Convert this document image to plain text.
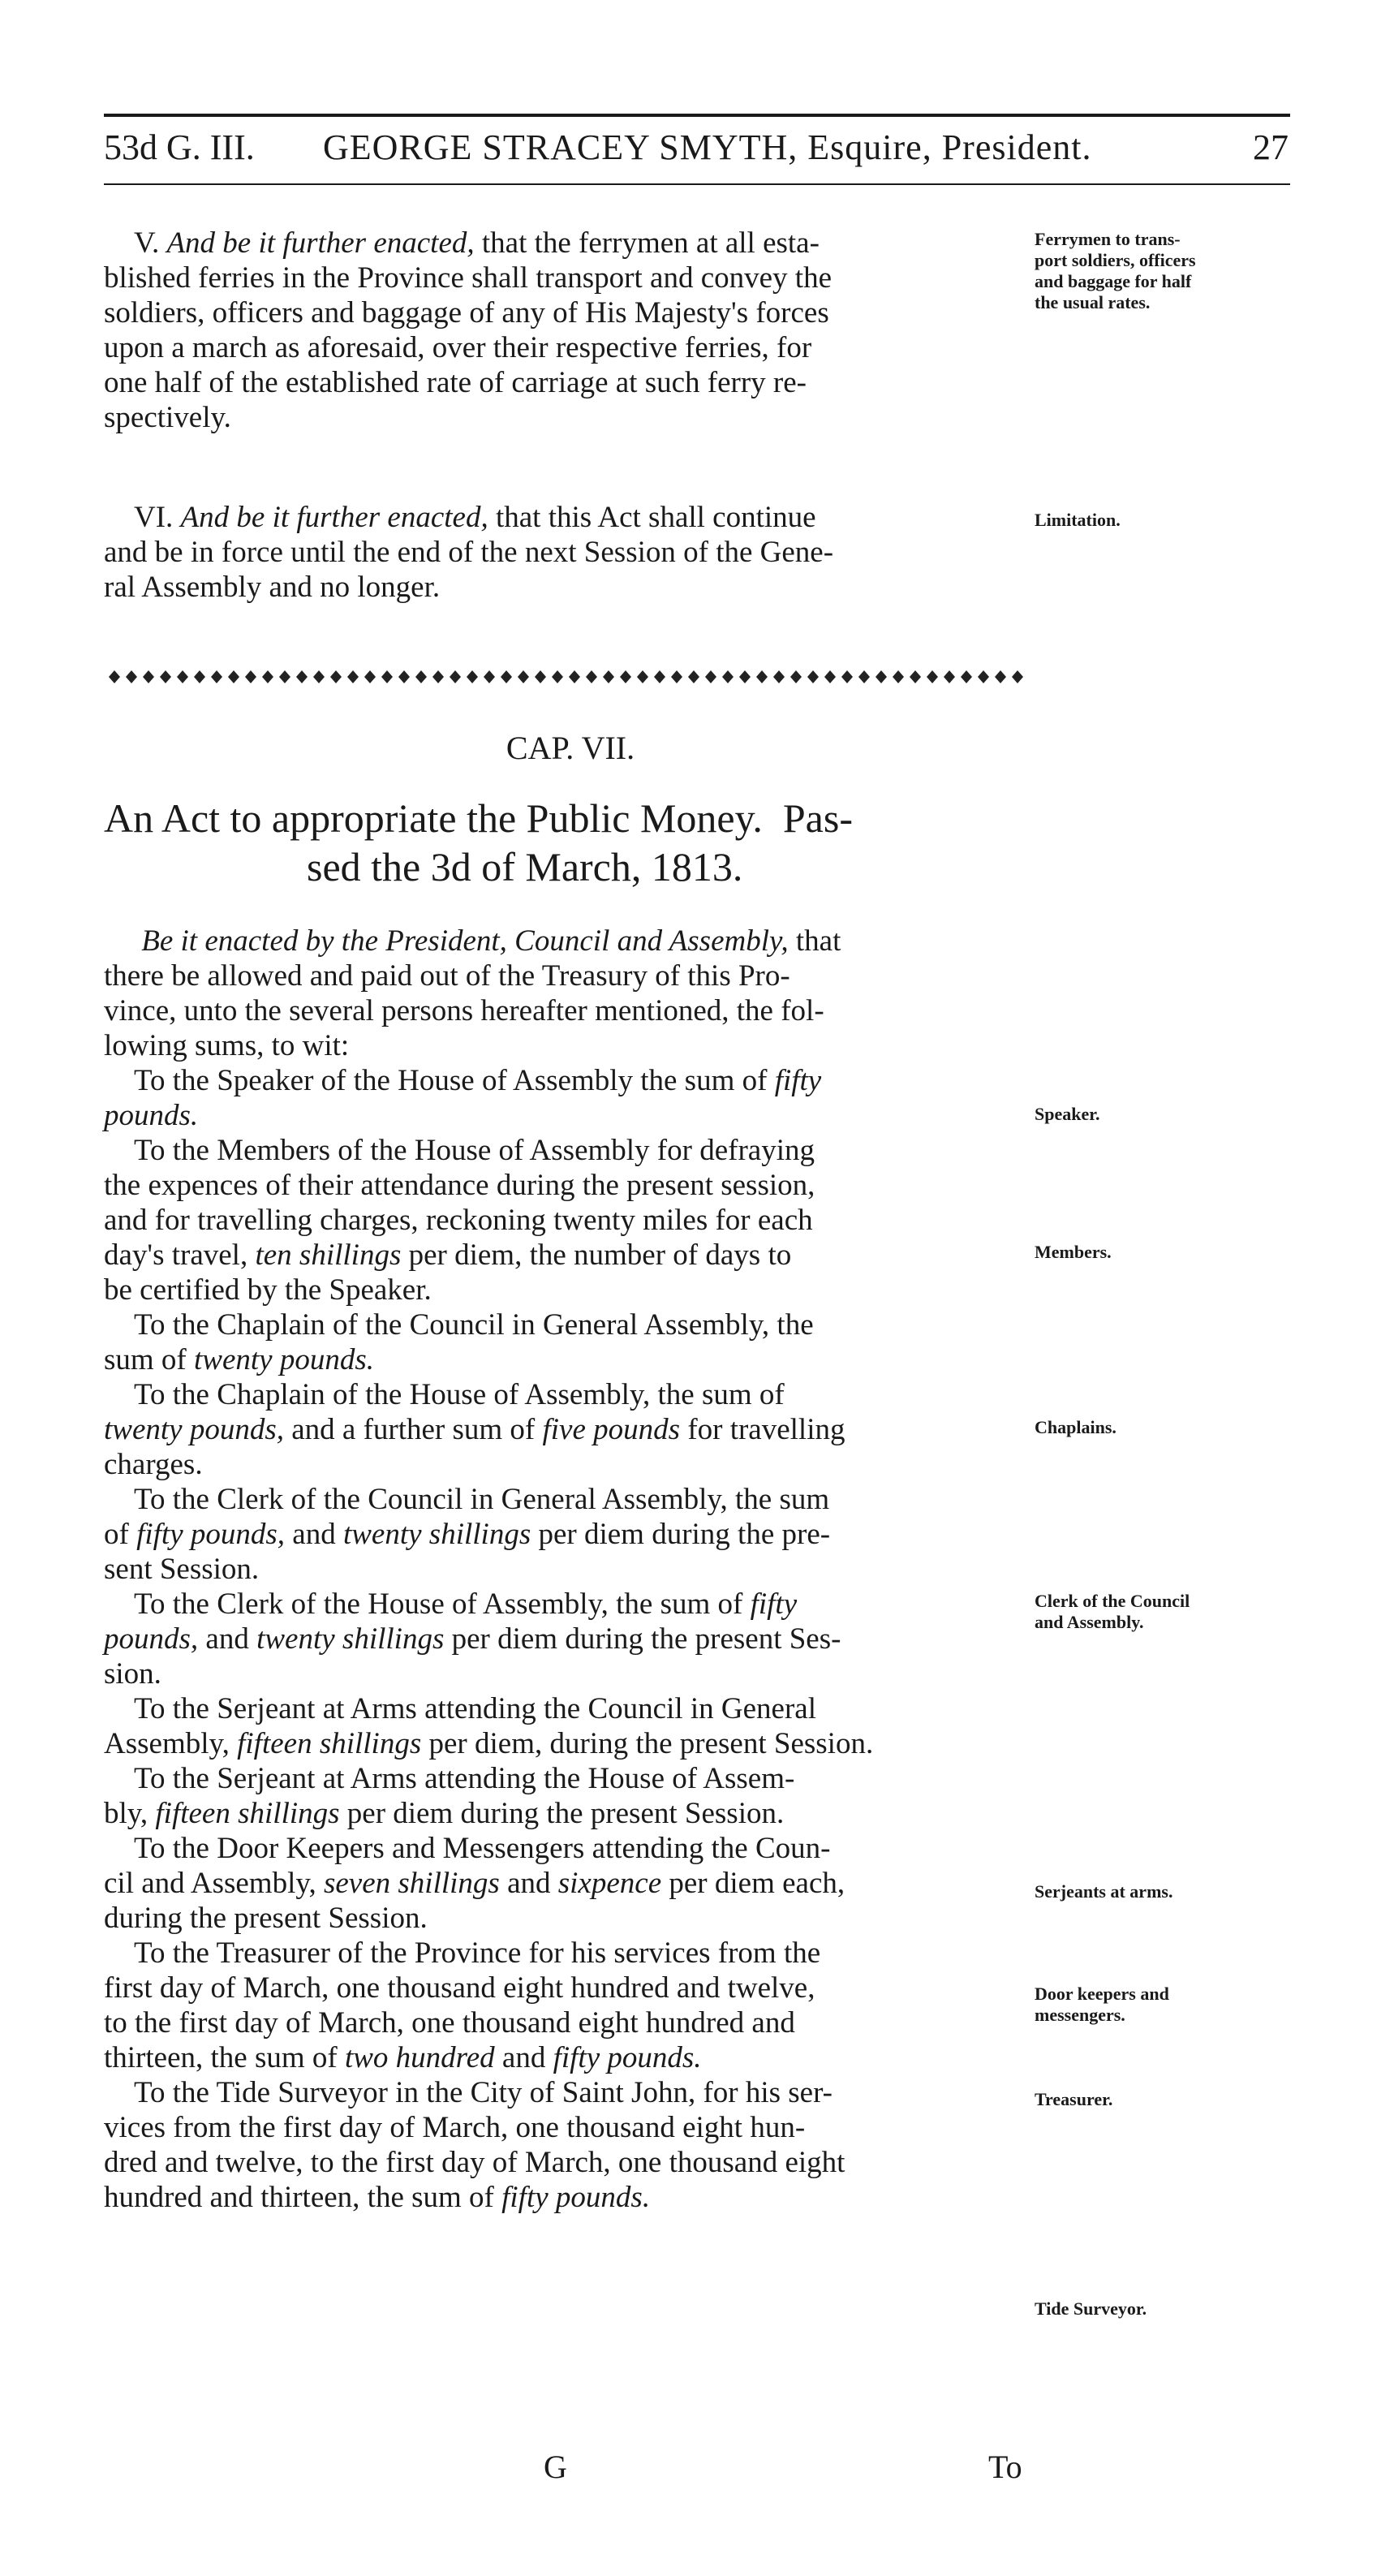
53d G. III. GEORGE STRACEY SMYTH, Esquire, President.	27
V. And be it further enacted, that the ferrymen at all esta-
blished ferries in the Province shall transport and convey the
soldiers, officers and baggage of any of His Majesty's forces
upon a march as aforesaid, over their respective ferries, for
one half of the established rate of carriage at such ferry re-
spectively.
Ferrymen to trans-
port soldiers, officers
and baggage for half
the usual rates.
VI. And be it further enacted, that this Act shall continue
and be in force until the end of the next Session of the Gene-
ral Assembly and no longer.
Limitation.
CAP. VII.
An Act to appropriate the Public Money.  Pas-
sed the 3d of March, 1813.
Be it enacted by the President, Council and Assembly, that
there be allowed and paid out of the Treasury of this Pro-
vince, unto the several persons hereafter mentioned, the fol-
lowing sums, to wit:
To the Speaker of the House of Assembly the sum of fifty
pounds.
To the Members of the House of Assembly for defraying
the expences of their attendance during the present session,
and for travelling charges, reckoning twenty miles for each
day's travel, ten shillings per diem, the number of days to
be certified by the Speaker.
To the Chaplain of the Council in General Assembly, the
sum of twenty pounds.
To the Chaplain of the House of Assembly, the sum of
twenty pounds, and a further sum of five pounds for travelling
charges.
To the Clerk of the Council in General Assembly, the sum
of fifty pounds, and twenty shillings per diem during the pre-
sent Session.
To the Clerk of the House of Assembly, the sum of fifty
pounds, and twenty shillings per diem during the present Ses-
sion.
To the Serjeant at Arms attending the Council in General
Assembly, fifteen shillings per diem, during the present Session.
To the Serjeant at Arms attending the House of Assem-
bly, fifteen shillings per diem during the present Session.
To the Door Keepers and Messengers attending the Coun-
cil and Assembly, seven shillings and sixpence per diem each,
during the present Session.
To the Treasurer of the Province for his services from the
first day of March, one thousand eight hundred and twelve,
to the first day of March, one thousand eight hundred and
thirteen, the sum of two hundred and fifty pounds.
To the Tide Surveyor in the City of Saint John, for his ser-
vices from the first day of March, one thousand eight hun-
dred and twelve, to the first day of March, one thousand eight
hundred and thirteen, the sum of fifty pounds.
Speaker.
Members.
Chaplains.
Clerk of the Council
and Assembly.
Serjeants at arms.
Door keepers and
messengers.
Treasurer.
Tide Surveyor.
G	To
